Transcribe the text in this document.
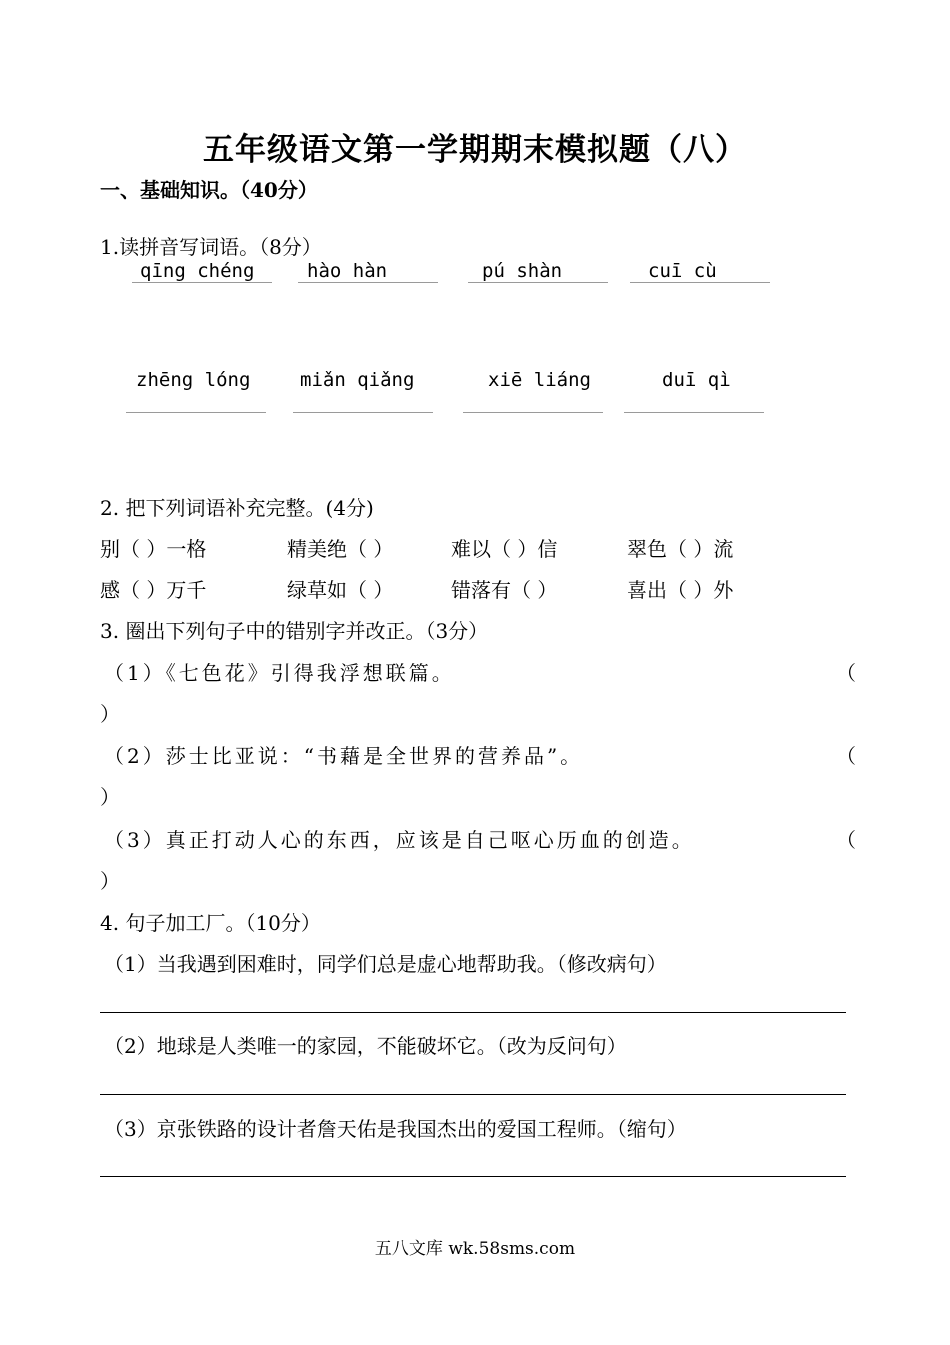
五年级语文第一学期期末模拟题（八）
一、基础知识。（40分）
1.读拼音写词语。（8分）
qīng chéng	hào hàn	pú shàn	cuī cù
zhēng lóng	miǎn qiǎng	xiē liáng	duī qì
2. 把下列词语补充完整。(4分)
别（ ）一格	精美绝（ ）	难以（ ）信	翠色（ ）流
感（ ）万千	绿草如（ ）	错落有（ ）	喜出（ ）外
3. 圈出下列句子中的错别字并改正。（3分）
（1）《七色花》引得我浮想联篇。	（
）
（2）莎士比亚说：“书藉是全世界的营养品”。	（
）
（3）真正打动人心的东西，应该是自己呕心历血的创造。	（
）
4. 句子加工厂。（10分）
（1）当我遇到困难时，同学们总是虚心地帮助我。（修改病句）
（2）地球是人类唯一的家园，不能破坏它。（改为反问句）
（3）京张铁路的设计者詹天佑是我国杰出的爱国工程师。（缩句）
五八文库 wk.58sms.com
